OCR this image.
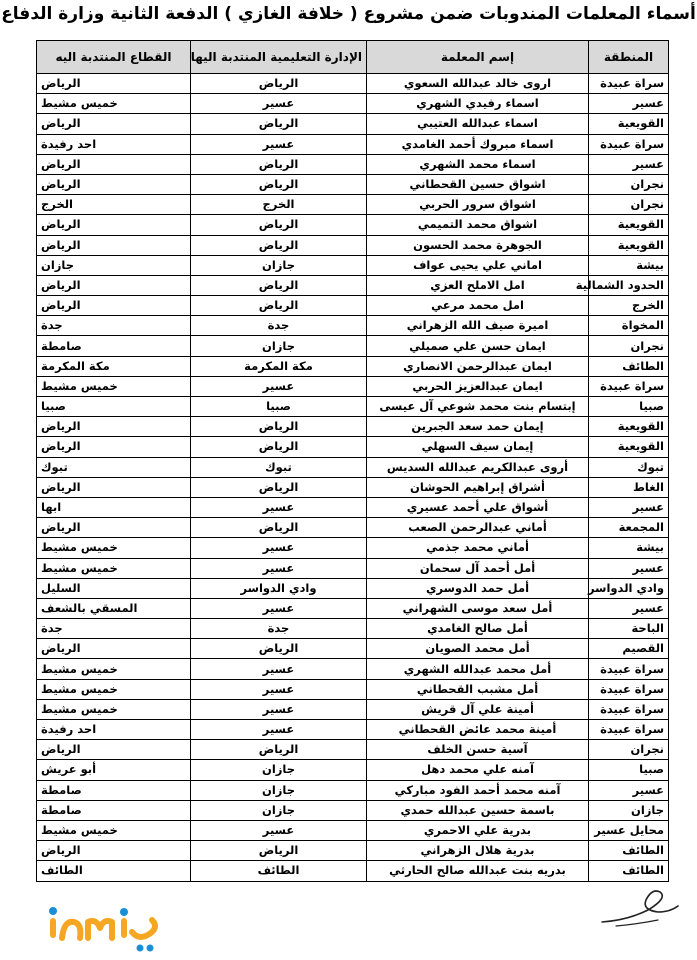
أسماء المعلمات المندوبات ضمن مشروع ( خلافة الغازي ) الدفعة الثانية وزارة الدفاع
المنطقة	إسم المعلمة	الإدارة التعليمية المنتدبة اليها	القطاع المنتدبة اليه
سراة عبيدة	اروى خالد عبدالله السعوي	الرياض	الرياض
عسير	اسماء رفيدي الشهري	عسير	خميس مشيط
القويعية	اسماء عبدالله العتيبي	الرياض	الرياض
سراة عبيدة	اسماء مبروك أحمد الغامدي	عسير	احد رفيدة
عسير	اسماء محمد الشهري	الرياض	الرياض
نجران	اشواق حسين القحطاني	الرياض	الرياض
نجران	اشواق سرور الحربي	الخرج	الخرج
القويعية	اشواق محمد التميمي	الرياض	الرياض
القويعية	الجوهرة محمد الحسون	الرياض	الرياض
بيشة	اماني علي يحيى عواف	جازان	جازان
الحدود الشمالية	امل الاملح العزي	الرياض	الرياض
الخرج	امل محمد مرعي	الرياض	الرياض
المخواة	اميرة صيف الله الزهراني	جدة	جدة
نجران	ايمان حسن علي صميلي	جازان	صامطة
الطائف	ايمان عبدالرحمن الانصاري	مكة المكرمة	مكة المكرمة
سراة عبيدة	ايمان عبدالعزيز الحربي	عسير	خميس مشيط
صبيا	إبتسام بنت محمد شوعي آل عيسى	صبيا	صبيا
القويعية	إيمان حمد سعد الجبرين	الرياض	الرياض
القويعية	إيمان سيف السهلي	الرياض	الرياض
تبوك	أروى عبدالكريم عبدالله السديس	تبوك	تبوك
الغاط	أشراق إبراهيم الحوشان	الرياض	الرياض
عسير	أشواق علي أحمد عسيري	عسير	ابها
المجمعة	أماني عبدالرحمن الصعب	الرياض	الرياض
بيشة	أماني محمد جذمي	عسير	خميس مشيط
عسير	أمل أحمد آل سحمان	عسير	خميس مشيط
وادي الدواسر	أمل حمد الدوسري	وادي الدواسر	السليل
عسير	أمل سعد موسى الشهراني	عسير	المسقي بالشعف
الباحة	أمل صالح الغامدي	جدة	جدة
القصيم	أمل محمد الصويان	الرياض	الرياض
سراة عبيدة	أمل محمد عبدالله الشهري	عسير	خميس مشيط
سراة عبيدة	أمل مشبب القحطاني	عسير	خميس مشيط
سراة عبيدة	أمينة علي آل قريش	عسير	خميس مشيط
سراة عبيدة	أمينة محمد عائض القحطاني	عسير	احد رفيدة
نجران	آسية حسن الخلف	الرياض	الرياض
صبيا	آمنه علي محمد دهل	جازان	أبو عريش
عسير	آمنه محمد أحمد الفود مباركي	جازان	صامطة
جازان	باسمة حسين عبدالله حمدي	جازان	صامطة
محايل عسير	بدرية علي الاحمري	عسير	خميس مشيط
الطائف	بدرية هلال الزهراني	الرياض	الرياض
الطائف	بدريه بنت عبدالله صالح الحارثي	الطائف	الطائف
